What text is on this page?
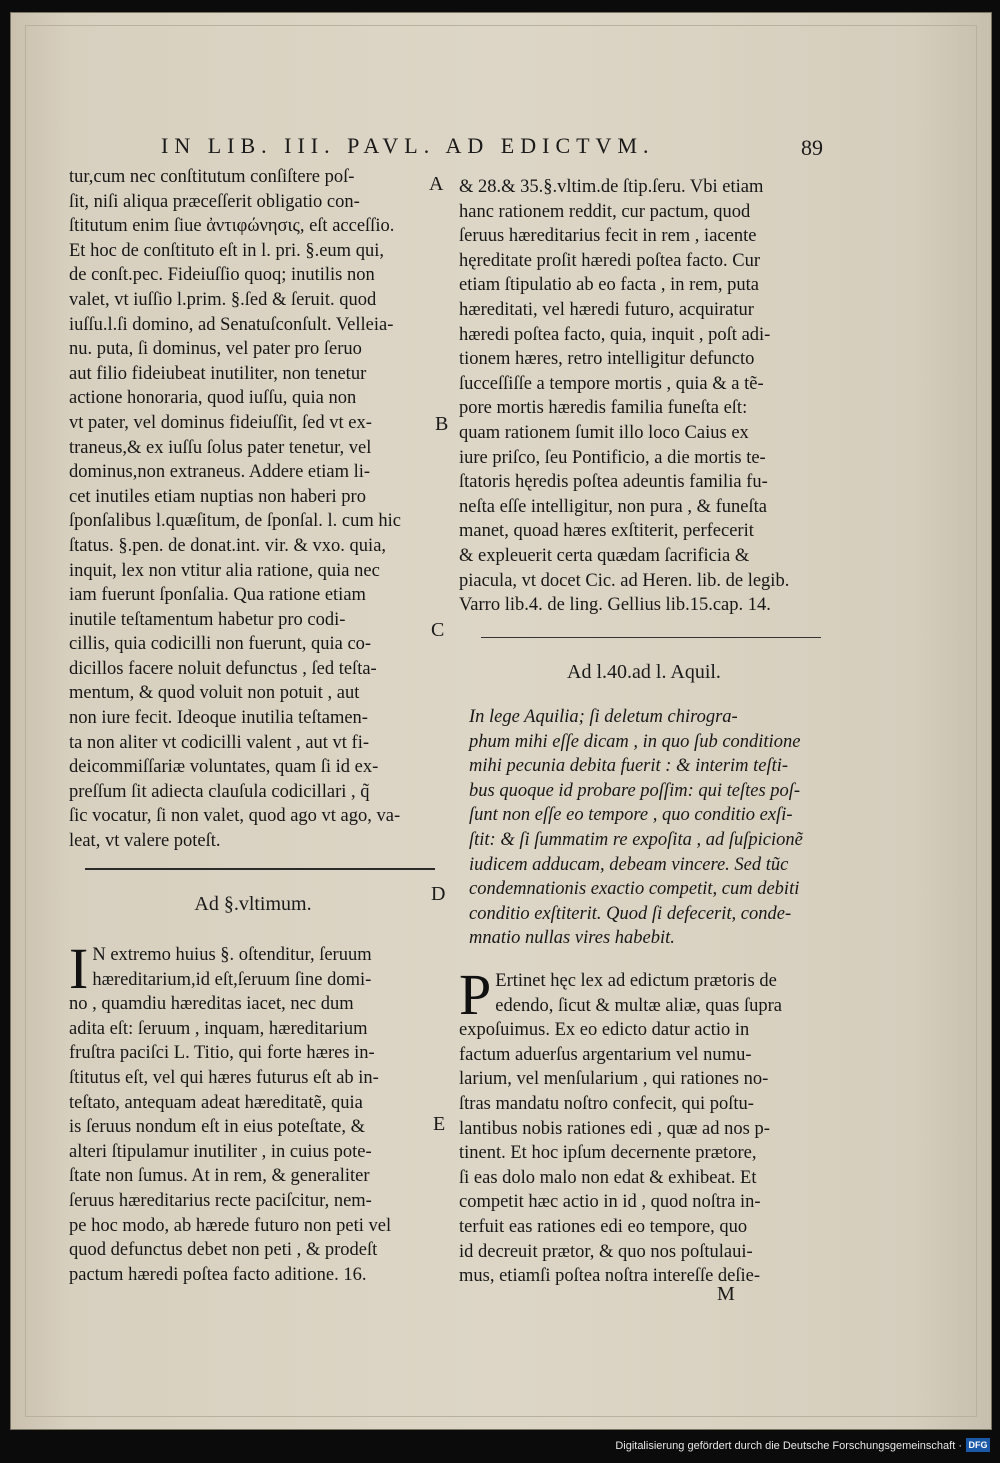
IN LIB. III. PAVL. AD EDICTVM.	89
tur,cum nec conſtitutum conſiſtere poſ-
ſit, niſi aliqua præceſſerit obligatio con-
ſtitutum enim ſiue ἀντιφώνησις, eſt acceſſio.
Et hoc de conſtituto eſt in l. pri. §.eum qui,
de conſt.pec. Fideiuſſio quoq; inutilis non
valet, vt iuſſio l.prim. §.ſed & ſeruit. quod
iuſſu.l.ſi domino, ad Senatuſconſult. Velleia-
nu. puta, ſi dominus, vel pater pro ſeruo
aut filio fideiubeat inutiliter, non tenetur
actione honoraria, quod iuſſu, quia non
vt pater, vel dominus fideiuſſit, ſed vt ex-
traneus,& ex iuſſu ſolus pater tenetur, vel
dominus,non extraneus. Addere etiam li-
cet inutiles etiam nuptias non haberi pro
ſponſalibus l.quæſitum, de ſponſal. l. cum hic
ſtatus. §.pen. de donat.int. vir. & vxo. quia,
inquit, lex non vtitur alia ratione, quia nec
iam fuerunt ſponſalia. Qua ratione etiam
inutile teſtamentum habetur pro codi-
cillis, quia codicilli non fuerunt, quia co-
dicillos facere noluit defunctus , ſed teſta-
mentum, & quod voluit non potuit , aut
non iure fecit. Ideoque inutilia teſtamen-
ta non aliter vt codicilli valent , aut vt fi-
deicommiſſariæ voluntates, quam ſi id ex-
preſſum ſit adiecta clauſula codicillari , q̃
ſic vocatur, ſi non valet, quod ago vt ago, va-
leat, vt valere poteſt.
Ad §.vltimum.
I N extremo huius §. oſtenditur, ſeruum
hæreditarium,id eſt,ſeruum ſine domi-
no , quamdiu hæreditas iacet, nec dum
adita eſt: ſeruum , inquam, hæreditarium
fruſtra paciſci L. Titio, qui forte hæres in-
ſtitutus eſt, vel qui hæres futurus eſt ab in-
teſtato, antequam adeat hæreditatẽ, quia
is ſeruus nondum eſt in eius poteſtate, &
alteri ſtipulamur inutiliter , in cuius pote-
ſtate non ſumus. At in rem, & generaliter
ſeruus hæreditarius recte paciſcitur, nem-
pe hoc modo, ab hærede futuro non peti vel
quod defunctus debet non peti , & prodeſt
pactum hæredi poſtea facto aditione. 16.
& 28.& 35.§.vltim.de ſtip.ſeru. Vbi etiam
hanc rationem reddit, cur pactum, quod
ſeruus hæreditarius fecit in rem , iacente
hęreditate proſit hæredi poſtea facto. Cur
etiam ſtipulatio ab eo facta , in rem, puta
hæreditati, vel hæredi futuro, acquiratur
hæredi poſtea facto, quia, inquit , poſt adi-
tionem hæres, retro intelligitur defuncto
ſucceſſiſſe a tempore mortis , quia & a tẽ-
pore mortis hæredis familia funeſta eſt:
quam rationem ſumit illo loco Caius ex
iure priſco, ſeu Pontificio, a die mortis te-
ſtatoris hęredis poſtea adeuntis familia fu-
neſta eſſe intelligitur, non pura , & funeſta
manet, quoad hæres exſtiterit, perfecerit
& expleuerit certa quædam ſacrificia &
piacula, vt docet Cic. ad Heren. lib. de legib.
Varro lib.4. de ling. Gellius lib.15.cap. 14.
Ad l.40.ad l. Aquil.
In lege Aquilia; ſi deletum chirogra-
phum mihi eſſe dicam , in quo ſub conditione
mihi pecunia debita fuerit : & interim teſti-
bus quoque id probare poſſim: qui teſtes poſ-
ſunt non eſſe eo tempore , quo conditio exſi-
ſtit: & ſi ſummatim re expoſita , ad ſuſpicionẽ
iudicem adducam, debeam vincere. Sed tũc
condemnationis exactio competit, cum debiti
conditio exſtiterit. Quod ſi defecerit, conde-
mnatio nullas vires habebit.
P Ertinet hęc lex ad edictum prætoris de
edendo, ſicut & multæ aliæ, quas ſupra
expoſuimus. Ex eo edicto datur actio in
factum aduerſus argentarium vel numu-
larium, vel menſularium , qui rationes no-
ſtras mandatu noſtro confecit, qui poſtu-
lantibus nobis rationes edi , quæ ad nos p-
tinent. Et hoc ipſum decernente prætore,
ſi eas dolo malo non edat & exhibeat. Et
competit hæc actio in id , quod noſtra in-
terfuit eas rationes edi eo tempore, quo
id decreuit prætor, & quo nos poſtulaui-
mus, etiamſi poſtea noſtra intereſſe deſie-
M
A
B
C
D
E
Digitalisierung gefördert durch die Deutsche Forschungsgemeinschaft · DFG
